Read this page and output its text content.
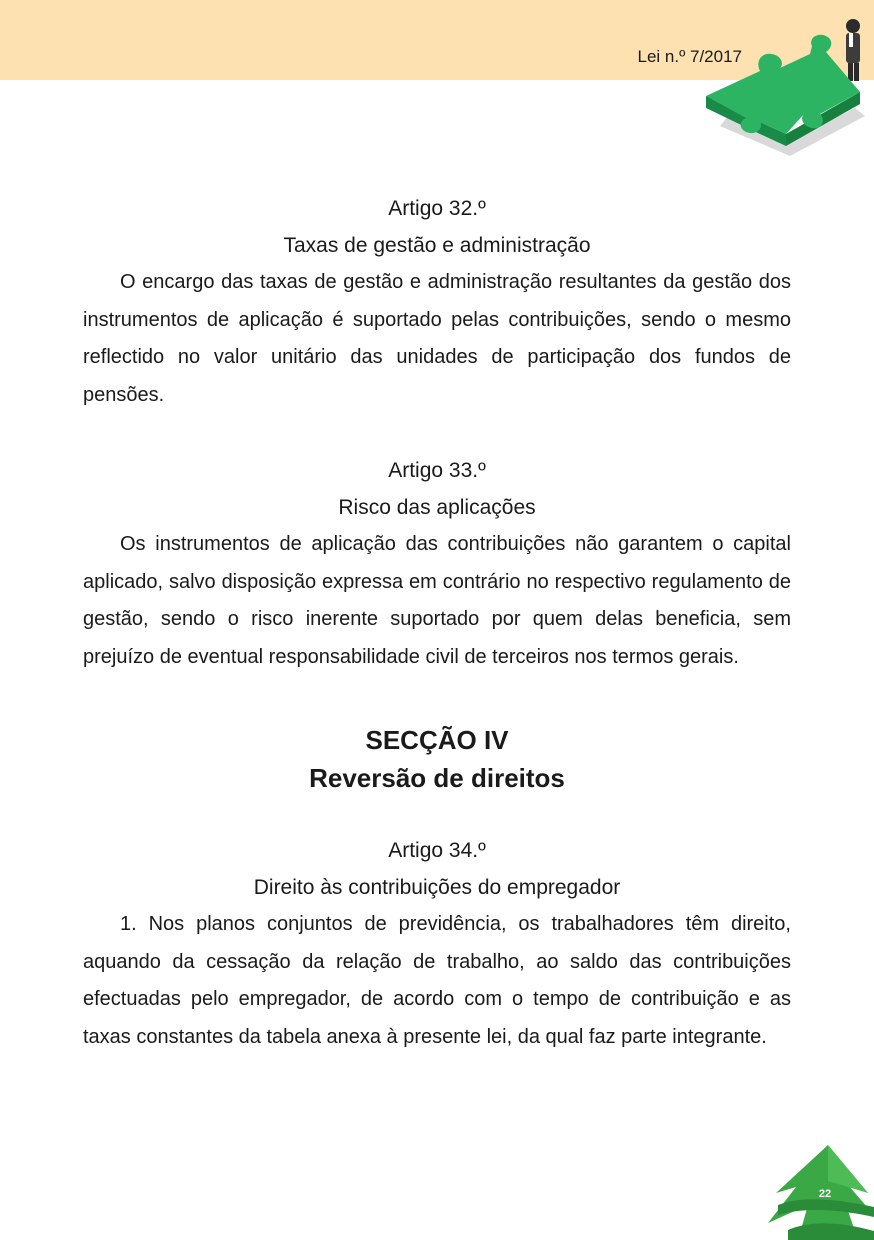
Lei n.º 7/2017
Artigo 32.º
Taxas de gestão e administração

O encargo das taxas de gestão e administração resultantes da gestão dos instrumentos de aplicação é suportado pelas contribuições, sendo o mesmo reflectido no valor unitário das unidades de participação dos fundos de pensões.

Artigo 33.º
Risco das aplicações

Os instrumentos de aplicação das contribuições não garantem o capital aplicado, salvo disposição expressa em contrário no respectivo regulamento de gestão, sendo o risco inerente suportado por quem delas beneficia, sem prejuízo de eventual responsabilidade civil de terceiros nos termos gerais.

SECÇÃO IV
Reversão de direitos
Artigo 34.º
Direito às contribuições do empregador

1. Nos planos conjuntos de previdência, os trabalhadores têm direito, aquando da cessação da relação de trabalho, ao saldo das contribuições efectuadas pelo empregador, de acordo com o tempo de contribuição e as taxas constantes da tabela anexa à presente lei, da qual faz parte integrante.

22
